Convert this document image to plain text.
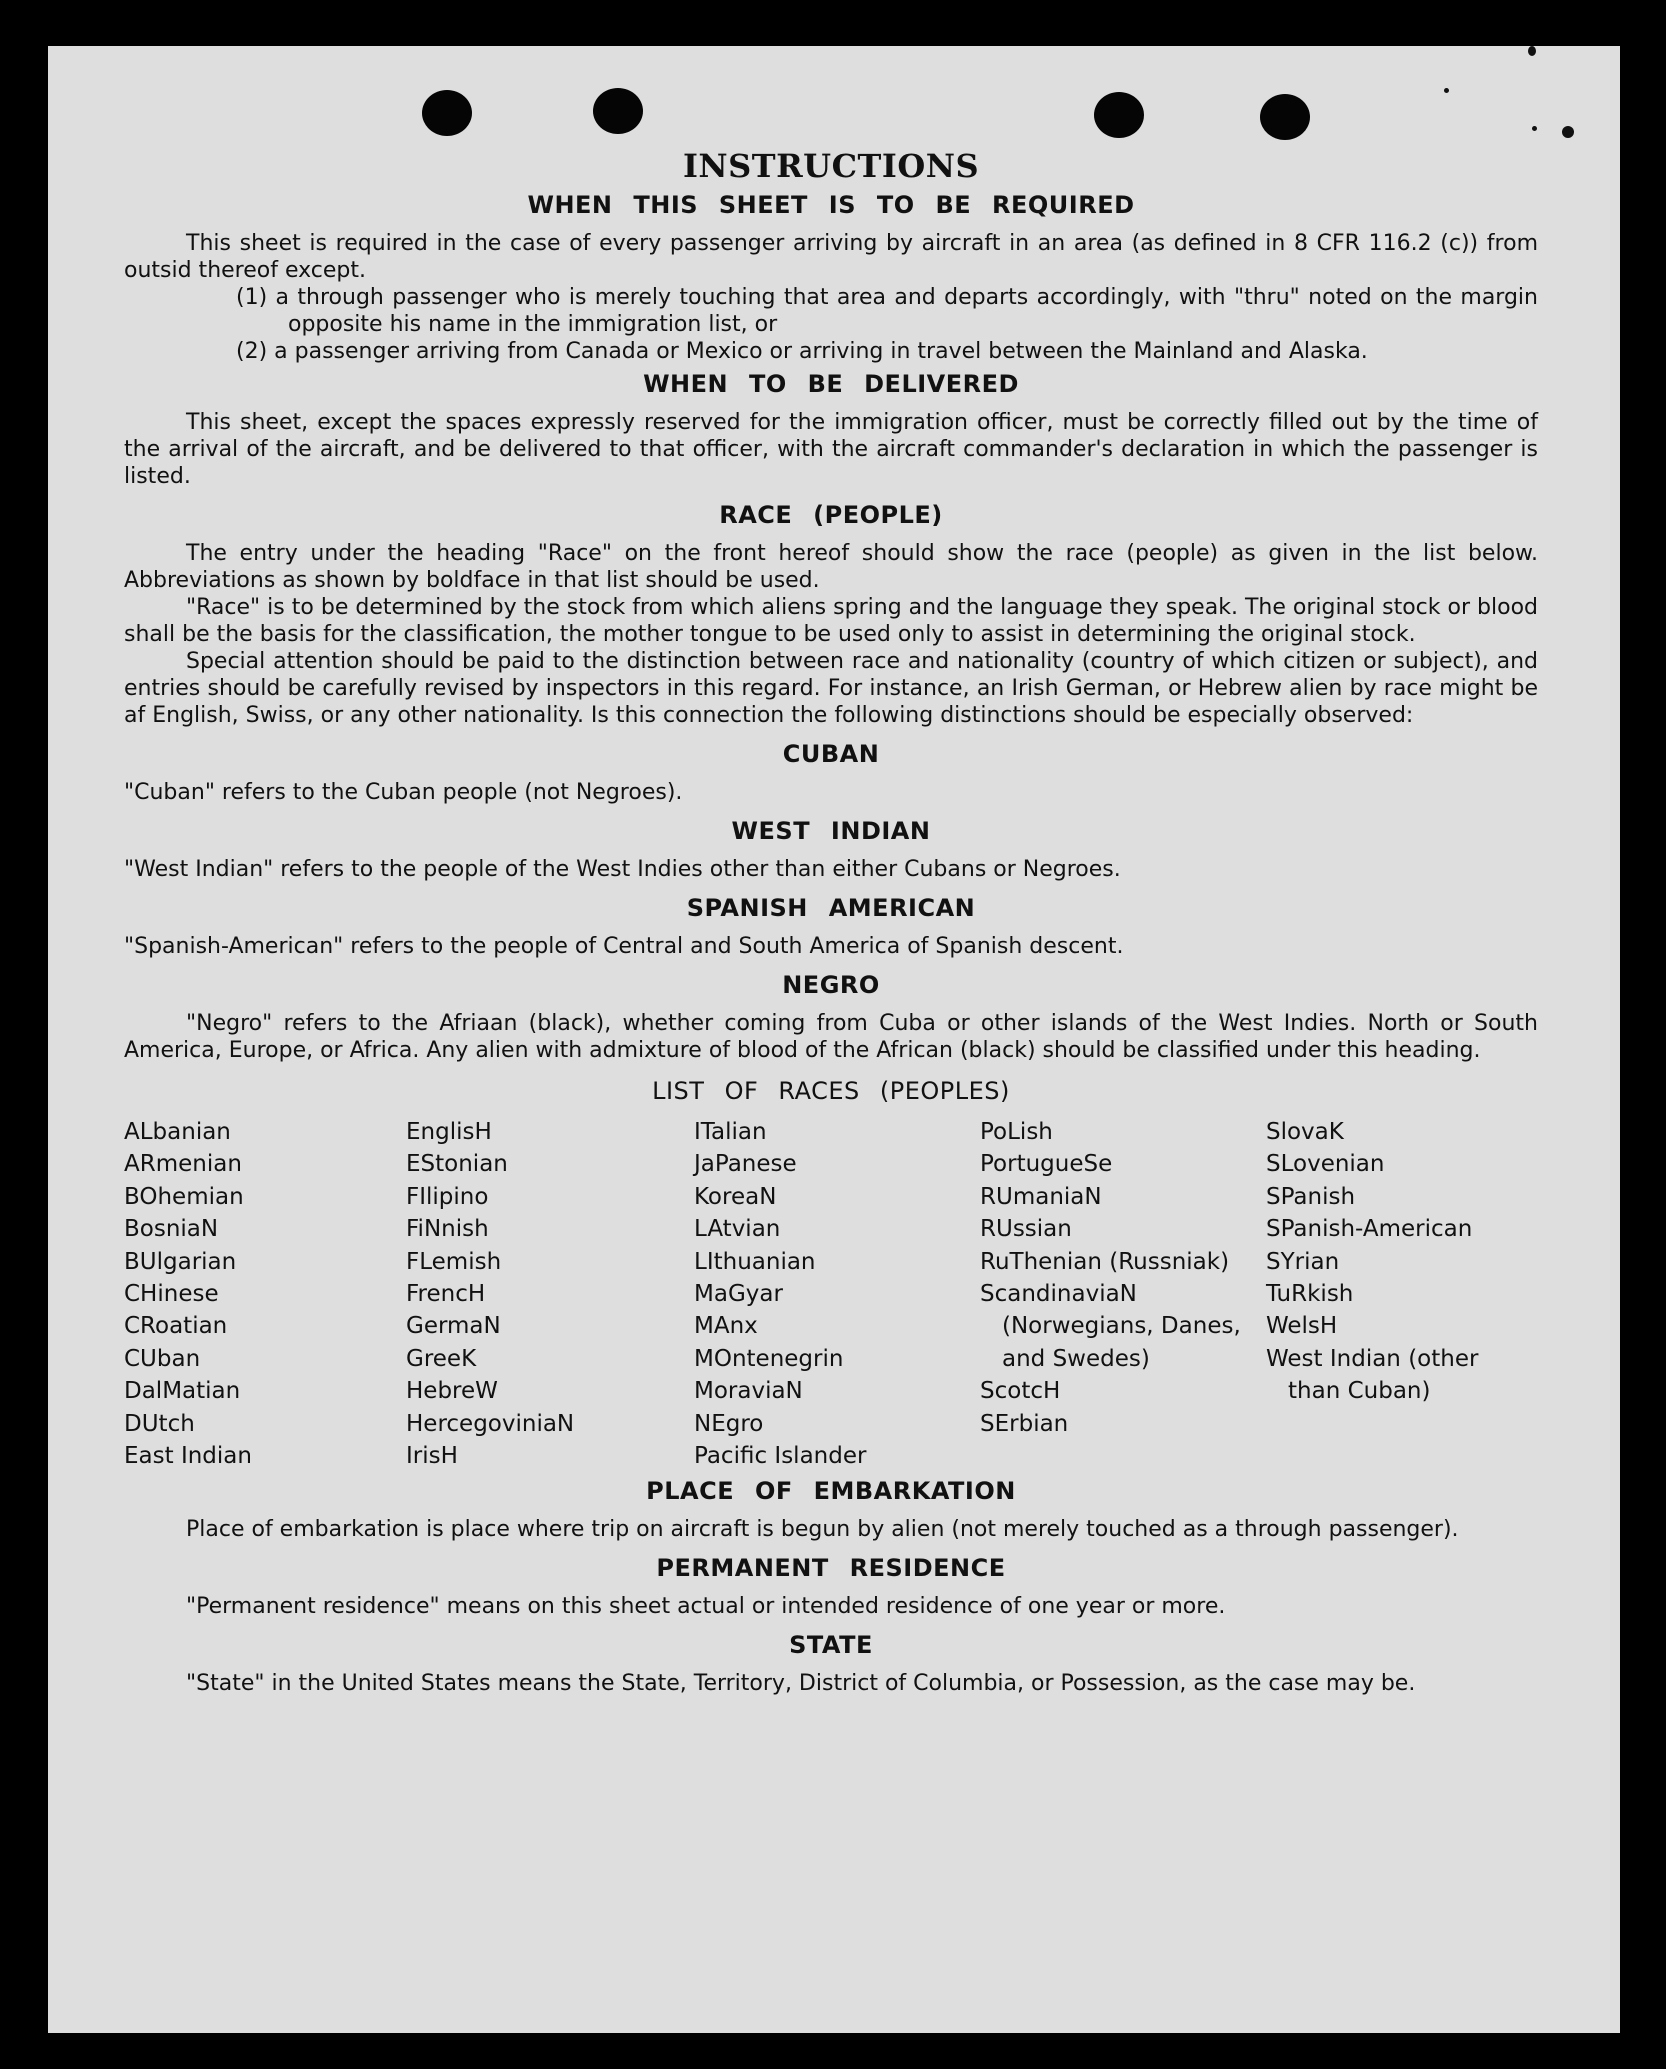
INSTRUCTIONS
WHEN THIS SHEET IS TO BE REQUIRED

This sheet is required in the case of every passenger arriving by aircraft in an area (as defined in 8 CFR 116.2 (c)) from outsid thereof except.

(1) a through passenger who is merely touching that area and departs accordingly, with "thru" noted on the margin opposite his name in the immigration list, or

(2) a passenger arriving from Canada or Mexico or arriving in travel between the Mainland and Alaska.

WHEN TO BE DELIVERED

This sheet, except the spaces expressly reserved for the immigration officer, must be correctly filled out by the time of the arrival of the aircraft, and be delivered to that officer, with the aircraft commander's declaration in which the passenger is listed.

RACE (PEOPLE)

The entry under the heading "Race" on the front hereof should show the race (people) as given in the list below. Abbreviations as shown by boldface in that list should be used.

"Race" is to be determined by the stock from which aliens spring and the language they speak. The original stock or blood shall be the basis for the classification, the mother tongue to be used only to assist in determining the original stock.

Special attention should be paid to the distinction between race and nationality (country of which citizen or subject), and entries should be carefully revised by inspectors in this regard. For instance, an Irish German, or Hebrew alien by race might be af English, Swiss, or any other nationality. Is this connection the following distinctions should be especially observed:

CUBAN

"Cuban" refers to the Cuban people (not Negroes).

WEST INDIAN

"West Indian" refers to the people of the West Indies other than either Cubans or Negroes.

SPANISH AMERICAN

"Spanish-American" refers to the people of Central and South America of Spanish descent.

NEGRO

"Negro" refers to the Afriaan (black), whether coming from Cuba or other islands of the West Indies. North or South America, Europe, or Africa. Any alien with admixture of blood of the African (black) should be classified under this heading.

LIST OF RACES (PEOPLES)
ALbanian
ARmenian
BOhemian
BosniaN
BUlgarian
CHinese
CRoatian
CUban
DalMatian
DUtch
East Indian
EnglisH
EStonian
FIlipino
FiNnish
FLemish
FrencH
GermaN
GreeK
HebreW
HercegoviniaN
IrisH
ITalian
JaPanese
KoreaN
LAtvian
LIthuanian
MaGyar
MAnx
MOntenegrin
MoraviaN
NEgro
Pacific Islander
PoLish
PortugueSe
RUmaniaN
RUssian
RuThenian (Russniak)
ScandinaviaN (Norwegians, Danes, and Swedes)
ScotcH
SErbian
SlovaK
SLovenian
SPanish
SPanish-American
SYrian
TuRkish
WelsH
West Indian (other than Cuban)
PLACE OF EMBARKATION

Place of embarkation is place where trip on aircraft is begun by alien (not merely touched as a through passenger).

PERMANENT RESIDENCE

"Permanent residence" means on this sheet actual or intended residence of one year or more.

STATE

"State" in the United States means the State, Territory, District of Columbia, or Possession, as the case may be.
